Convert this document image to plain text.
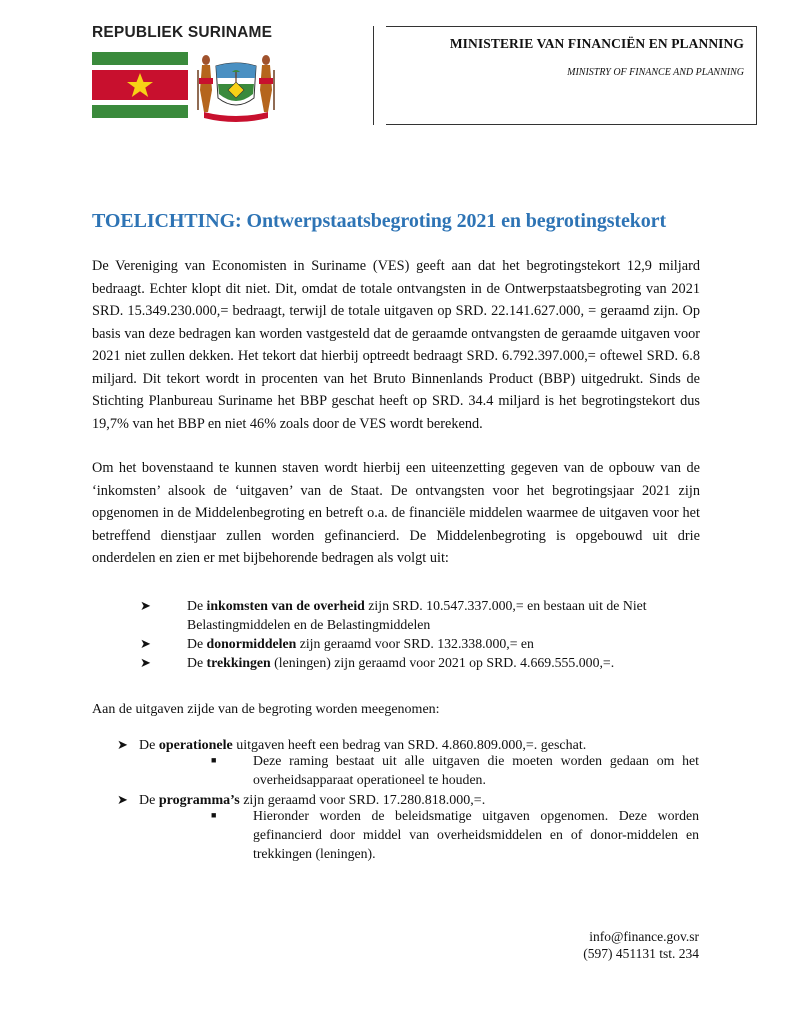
REPUBLIEK SURINAME
MINISTERIE VAN FINANCIËN EN PLANNING
MINISTRY OF FINANCE AND PLANNING
TOELICHTING: Ontwerpstaatsbegroting 2021 en begrotingstekort

De Vereniging van Economisten in Suriname (VES) geeft aan dat het begrotingstekort 12,9 miljard bedraagt. Echter klopt dit niet. Dit, omdat de totale ontvangsten in de Ontwerpstaatsbegroting van 2021 SRD. 15.349.230.000,= bedraagt, terwijl de totale uitgaven op SRD. 22.141.627.000, = geraamd zijn. Op basis van deze bedragen kan worden vastgesteld dat de geraamde ontvangsten de geraamde uitgaven voor 2021 niet zullen dekken. Het tekort dat hierbij optreedt bedraagt SRD. 6.792.397.000,= oftewel SRD. 6.8 miljard. Dit tekort wordt in procenten van het Bruto Binnenlands Product (BBP) uitgedrukt. Sinds de Stichting Planbureau Suriname het BBP geschat heeft op SRD. 34.4 miljard is het begrotingstekort dus 19,7% van het BBP en niet 46% zoals door de VES wordt berekend.

Om het bovenstaand te kunnen staven wordt hierbij een uiteenzetting gegeven van de opbouw van de ‘inkomsten’ alsook de ‘uitgaven’ van de Staat. De ontvangsten voor het begrotingsjaar 2021 zijn opgenomen in de Middelenbegroting en betreft o.a. de financiële middelen waarmee de uitgaven voor het betreffend dienstjaar zullen worden gefinancierd. De Middelenbegroting is opgebouwd uit drie onderdelen en zien er met bijbehorende bedragen als volgt uit:

➤	De inkomsten van de overheid zijn SRD. 10.547.337.000,= en bestaan uit de Niet Belastingmiddelen en de Belastingmiddelen
➤	De donormiddelen zijn geraamd voor SRD. 132.338.000,= en
➤	De trekkingen (leningen) zijn geraamd voor 2021 op SRD. 4.669.555.000,=.

Aan de uitgaven zijde van de begroting worden meegenomen:

➤ De operationele uitgaven heeft een bedrag van SRD. 4.860.809.000,=. geschat.
■	Deze raming bestaat uit alle uitgaven die moeten worden gedaan om het overheidsapparaat operationeel te houden.
➤ De programma’s zijn geraamd voor SRD. 17.280.818.000,=.
■	Hieronder worden de beleidsmatige uitgaven opgenomen. Deze worden gefinancierd door middel van overheidsmiddelen en of donor-middelen en trekkingen (leningen).
info@finance.gov.sr
(597) 451131 tst. 234
